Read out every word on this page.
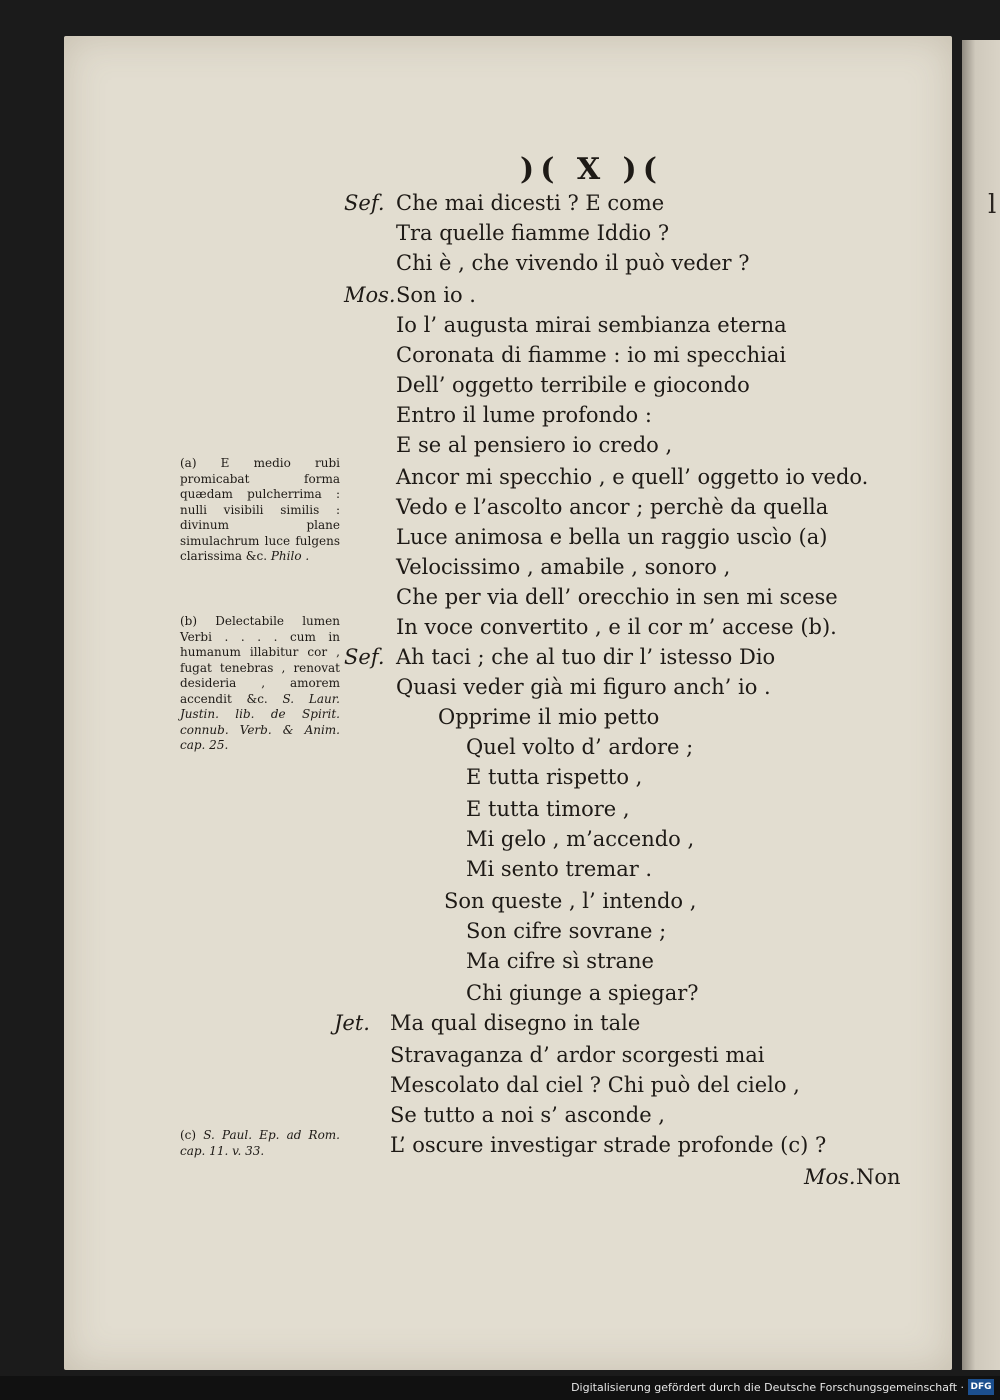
l
)( X )(
Sef. Che mai dicesti ? E come
Tra quelle fiamme Iddio ?
Chi è , che vivendo il può veder ?
Mos. Son io .
Io l’ augusta mirai sembianza eterna
Coronata di fiamme : io mi specchiai
Dell’ oggetto terribile e giocondo
Entro il lume profondo :
E se al pensiero io credo ,
Ancor mi specchio , e quell’ oggetto io vedo.
Vedo e l’ascolto ancor ; perchè da quella
Luce animosa e bella un raggio uscìo (a)
Velocissimo , amabile , sonoro ,
Che per via dell’ orecchio in sen mi scese
In voce convertito , e il cor m’ accese (b).
Sef. Ah taci ; che al tuo dir l’ istesso Dio
Quasi veder già mi figuro anch’ io .
Opprime il mio petto
Quel volto d’ ardore ;
E tutta rispetto ,
E tutta timore ,
Mi gelo , m’accendo ,
Mi sento tremar .
Son queste , l’ intendo ,
Son cifre sovrane ;
Ma cifre sì strane
Chi giunge a spiegar?
Jet. Ma qual disegno in tale
Stravaganza d’ ardor scorgesti mai
Mescolato dal ciel ? Chi può del cielo ,
Se tutto a noi s’ asconde ,
L’ oscure investigar strade profonde (c) ?
Mos. Non
(a) E medio rubi promicabat forma quædam pulcherrima : nulli visibili similis : divinum plane simulachrum luce fulgens clarissima &c. Philo .
(b) Delectabile lumen Verbi . . . . cum in humanum illabitur cor , fugat tenebras , renovat desideria , amorem accendit &c. S. Laur. Justin. lib. de Spirit. connub. Verb. & Anim. cap. 25.
(c) S. Paul. Ep. ad Rom. cap. 11. v. 33.
Digitalisierung gefördert durch die Deutsche Forschungsgemeinschaft · DFG
